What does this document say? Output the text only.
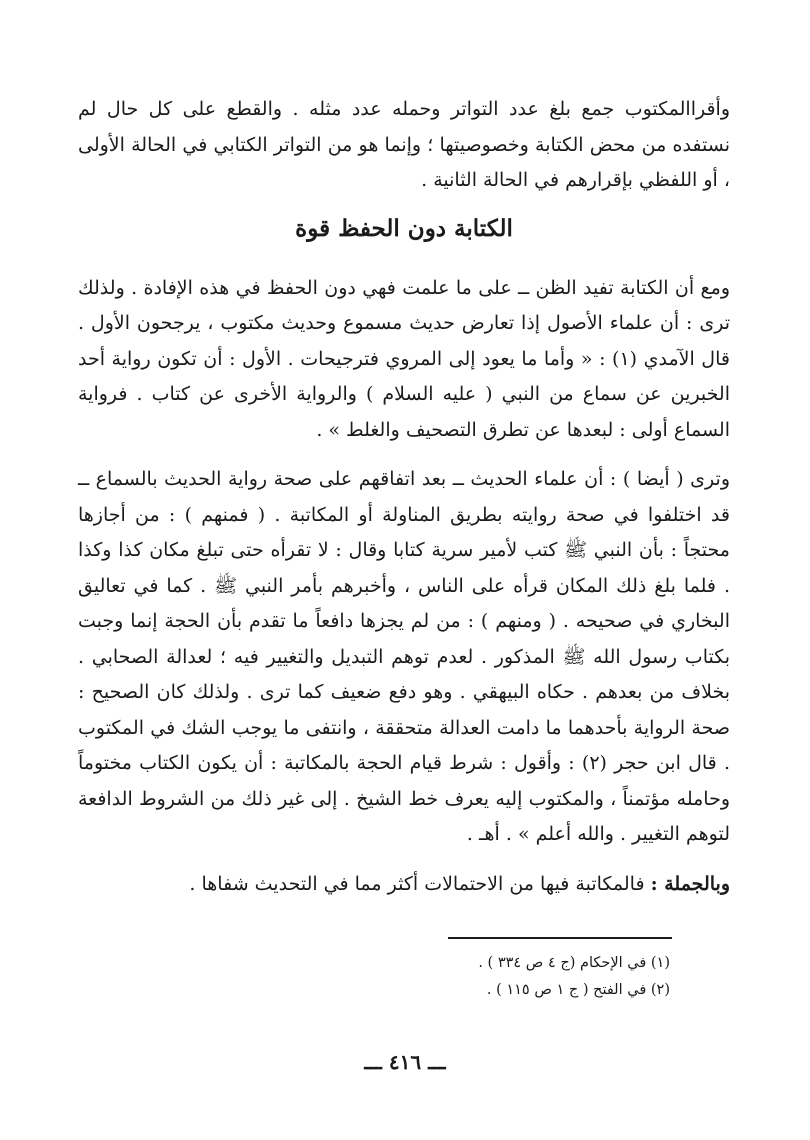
وأقراالمكتوب جمع بلغ عدد التواتر وحمله عدد مثله . والقطع على كل حال لم نستفده من محض الكتابة وخصوصيتها ؛ وإنما هو من التواتر الكتابي في الحالة الأولى ، أو اللفظي بإقرارهم في الحالة الثانية .

الكتابة دون الحفظ قوة

ومع أن الكتابة تفيد الظن ــ على ما علمت فهي دون الحفظ في هذه الإفادة . ولذلك ترى : أن علماء الأصول إذا تعارض حديث مسموع وحديث مكتوب ، يرجحون الأول . قال الآمدي (١) : « وأما ما يعود إلى المروي فترجيحات . الأول : أن تكون رواية أحد الخبرين عن سماع من النبي ( عليه السلام ) والرواية الأخرى عن كتاب . فرواية السماع أولى : لبعدها عن تطرق التصحيف والغلط » .

وترى ( أيضا ) : أن علماء الحديث ــ بعد اتفاقهم على صحة رواية الحديث بالسماع ــ قد اختلفوا في صحة روايته بطريق المناولة أو المكاتبة . ( فمنهم ) : من أجازها محتجاً : بأن النبي ﷺ كتب لأمير سرية كتابا وقال : لا تقرأه حتى تبلغ مكان كذا وكذا . فلما بلغ ذلك المكان قرأه على الناس ، وأخبرهم بأمر النبي ﷺ . كما في تعاليق البخاري في صحيحه . ( ومنهم ) : من لم يجزها دافعاً ما تقدم بأن الحجة إنما وجبت بكتاب رسول الله ﷺ المذكور . لعدم توهم التبديل والتغيير فيه ؛ لعدالة الصحابي . بخلاف من بعدهم . حكاه البيهقي . وهو دفع ضعيف كما ترى . ولذلك كان الصحيح : صحة الرواية بأحدهما ما دامت العدالة متحققة ، وانتفى ما يوجب الشك في المكتوب . قال ابن حجر (٢) : وأقول : شرط قيام الحجة بالمكاتبة : أن يكون الكتاب مختوماً وحامله مؤتمناً ، والمكتوب إليه يعرف خط الشيخ . إلى غير ذلك من الشروط الدافعة لتوهم التغيير . والله أعلم » . أهـ .

وبالجملة : فالمكاتبة فيها من الاحتمالات أكثر مما في التحديث شفاها .

(١) في الإحكام (ج ٤ ص ٣٣٤ ) .
(٢) في الفتح ( ج ١ ص ١١٥ ) .
ـــ ٤١٦ ـــ
